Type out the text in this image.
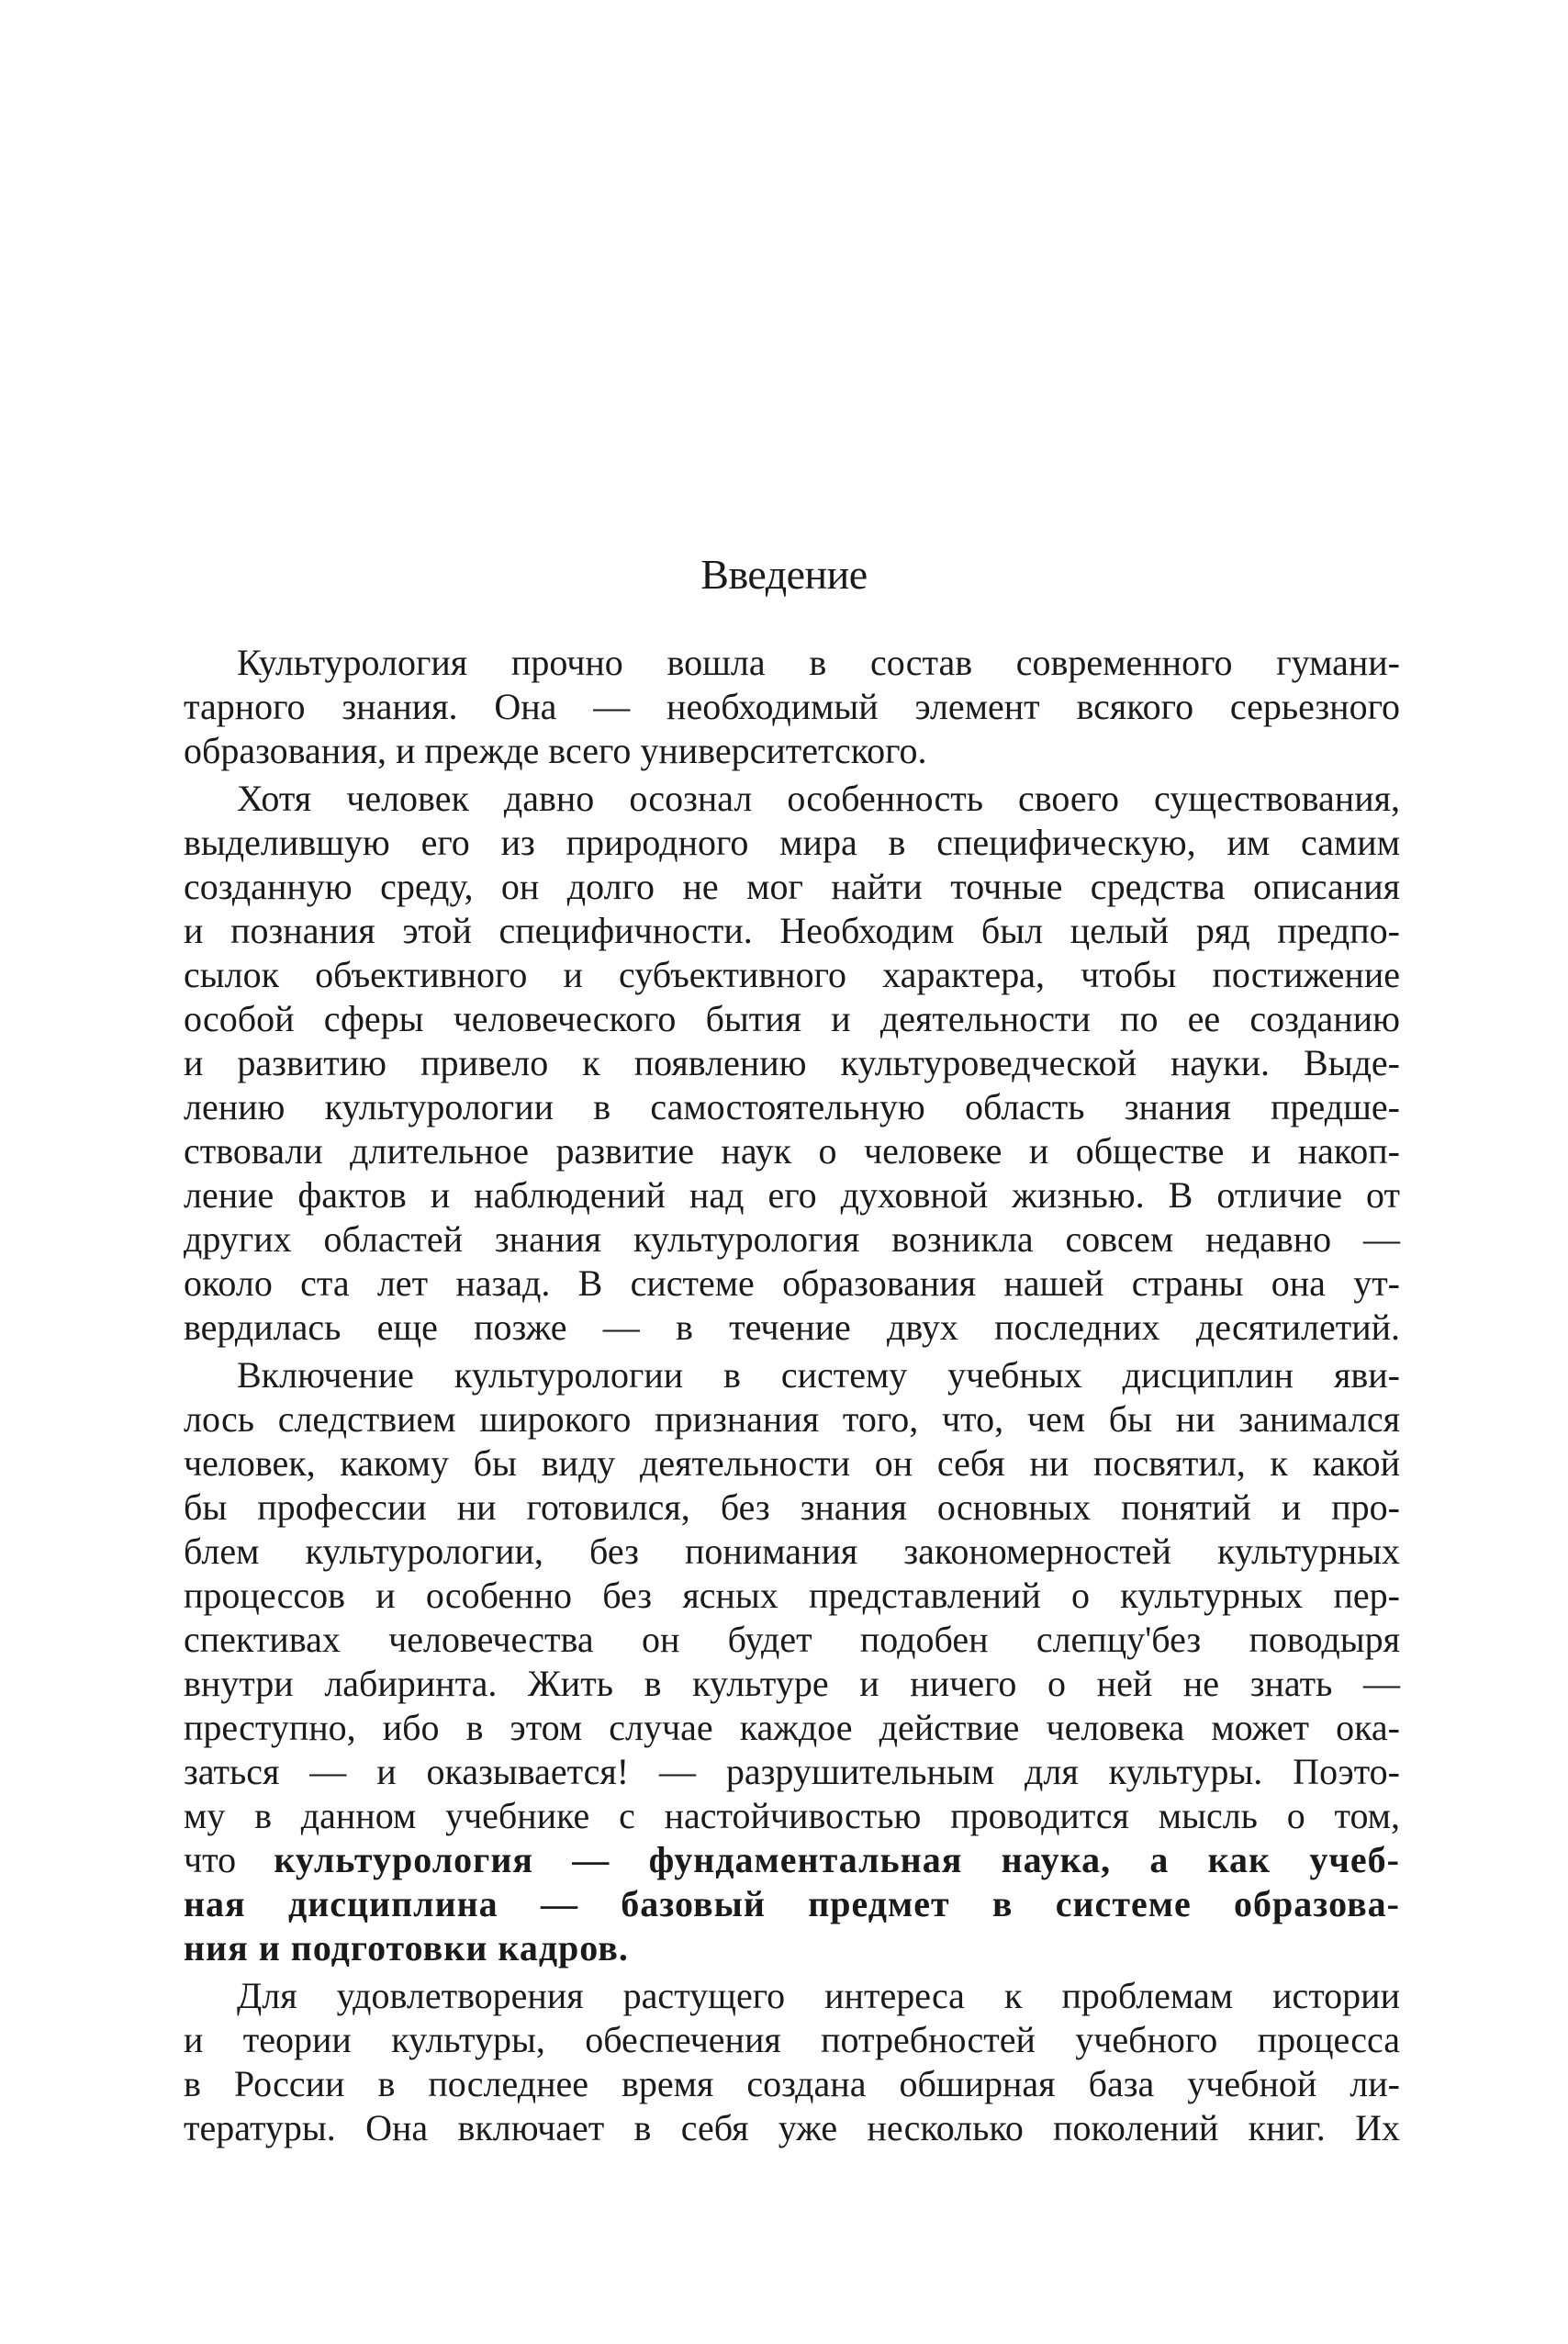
Введение
Культурология прочно вошла в состав современного гумани-
тарного знания. Она — необходимый элемент всякого серьезного
образования, и прежде всего университетского.
Хотя человек давно осознал особенность своего существования,
выделившую его из природного мира в специфическую, им самим
созданную среду, он долго не мог найти точные средства описания
и познания этой специфичности. Необходим был целый ряд предпо-
сылок объективного и субъективного характера, чтобы постижение
особой сферы человеческого бытия и деятельности по ее созданию
и развитию привело к появлению культуроведческой науки. Выде-
лению культурологии в самостоятельную область знания предше-
ствовали длительное развитие наук о человеке и обществе и накоп-
ление фактов и наблюдений над его духовной жизнью. В отличие от
других областей знания культурология возникла совсем недавно —
около ста лет назад. В системе образования нашей страны она ут-
вердилась еще позже — в течение двух последних десятилетий.
Включение культурологии в систему учебных дисциплин яви-
лось следствием широкого признания того, что, чем бы ни занимался
человек, какому бы виду деятельности он себя ни посвятил, к какой
бы профессии ни готовился, без знания основных понятий и про-
блем культурологии, без понимания закономерностей культурных
процессов и особенно без ясных представлений о культурных пер-
спективах человечества он будет подобен слепцу'без поводыря
внутри лабиринта. Жить в культуре и ничего о ней не знать —
преступно, ибо в этом случае каждое действие человека может ока-
заться — и оказывается! — разрушительным для культуры. Поэто-
му в данном учебнике с настойчивостью проводится мысль о том,
что культурология — фундаментальная наука, а как учеб-
ная дисциплина — базовый предмет в системе образова-
ния и подготовки кадров.
Для удовлетворения растущего интереса к проблемам истории
и теории культуры, обеспечения потребностей учебного процесса
в России в последнее время создана обширная база учебной ли-
тературы. Она включает в себя уже несколько поколений книг. Их
